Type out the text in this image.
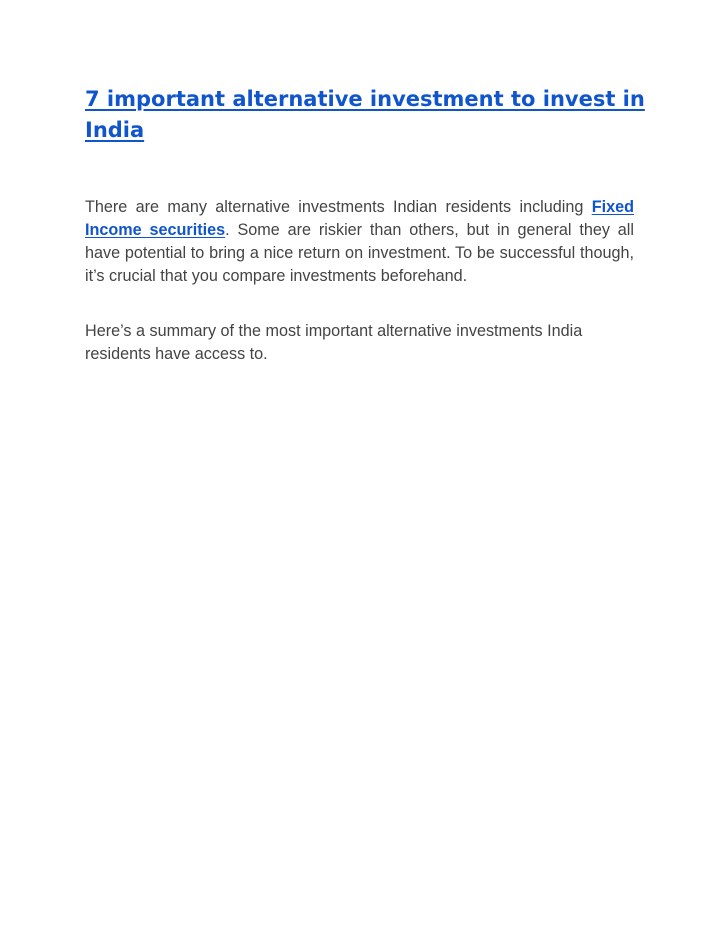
7 important alternative investment to invest in India

There are many alternative investments Indian residents including Fixed Income securities. Some are riskier than others, but in general they all have potential to bring a nice return on investment. To be successful though, it’s crucial that you compare investments beforehand.

Here’s a summary of the most important alternative investments India residents have access to.
